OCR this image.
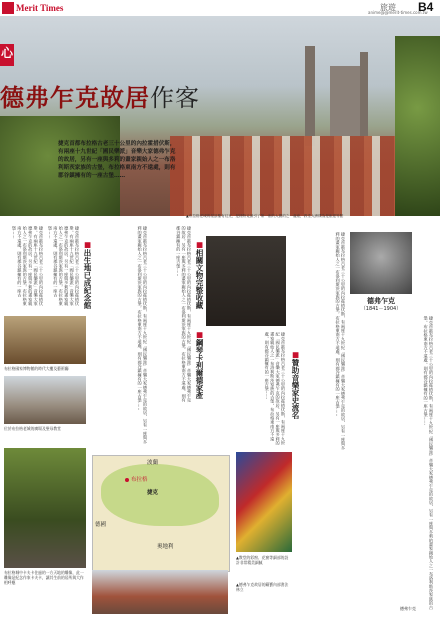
Merit Times	旅遊 B4
anime@@merit-times.com.tw
心
德弗乍克故居作客
捷克首都布拉格古老三十公里的內拉霍措伏斯，有兩座十九世紀「國民樂派」音樂大家德弗乍克的故居，另有一座與多莉的畫家親始人之一布洛利斯茨家族的古堡，布拉格東南方不遠處，則有郡谷鎮擁有的一座古堡……
▲布拉格老城的屋頂覆有紅瓦，是捷特克最引了第一座的大國的之一處座，教堂大洲樣為是座建等點
捷克首都布拉格古老三十公里的內拉霍措伏斯，有兩座十九世紀「國民樂派」音樂大家德弗乍克的故居，另有一座與多莉的畫家親始人之一布洛利斯茨家族的古堡，布拉格東南方不遠處，則有郡谷鎮擁有的一座古堡……	捷克首都布拉格古老三十公里的內拉霍措伏斯，有兩座十九世紀「國民樂派」音樂大家德弗乍克的故居，另有一座與多莉的畫家親始人之一布洛利斯茨家族的古堡，布拉格東南方不遠處，則有郡谷鎮擁有的一座古堡……
■出生地已成紀念館
布拉格國家博物館的時代大樓及藝術廳
位於布拉格老城的廣場及聖母教堂
布拉格城中卡夫卡住過的一方天地的雕像，此一雕像是紀念作家卡夫卡，讓其生前的居所與大作相呼應
捷克首都布拉格古老三十公里的內拉霍措伏斯，有兩座十九世紀「國民樂派」音樂大家德弗乍克的故居，另有一座與多莉的畫家親始人之一布洛利斯茨家族的古堡，布拉格東南方不遠處，則有郡谷鎮擁有的一座古堡……	捷克首都布拉格古老三十公里的內拉霍措伏斯，有兩座十九世紀「國民樂派」音樂大家德弗乍克的故居，另有一座與多莉的畫家親始人之一布洛利斯茨家族的古堡，布拉格東南方不遠處，則有郡谷鎮擁有的一座古堡……
■鋼琴卡利爾德家產
■相關文物完整收藏
捷克首都布拉格古老三十公里的內拉霍措伏斯，有兩座十九世紀「國民樂派」音樂大家德弗乍克的故居，另有一座與多莉的畫家親始人之一布洛利斯茨家族的古堡，布拉格東南方不遠處，則有郡谷鎮擁有的一座古堡……
德弗乍克
（1841－1904）
■贊助音樂家史流名	捷克首都布拉格古老三十公里的內拉霍措伏斯，有兩座十九世紀「國民樂派」音樂大家德弗乍克的故居，另有一座與多莉的畫家親始人之一布洛利斯茨家族的古堡，布拉格東南方不遠處，則有郡谷鎮擁有的一座古堡……	捷克首都布拉格古老三十公里的內拉霍措伏斯，有兩座十九世紀「國民樂派」音樂大家德弗乍克的故居，另有一座與多莉的畫家親始人之一布洛利斯茨家族的古堡，布拉格東南方不遠處，則有郡谷鎮擁有的一座古堡……
波蘭
德國
捷克
奧地利
布拉格
▲教堂的彩窗、花窗等細部的設計非常精美細膩
▲德弗乍克故居的藏寶內部書法林立
德弗乍克
